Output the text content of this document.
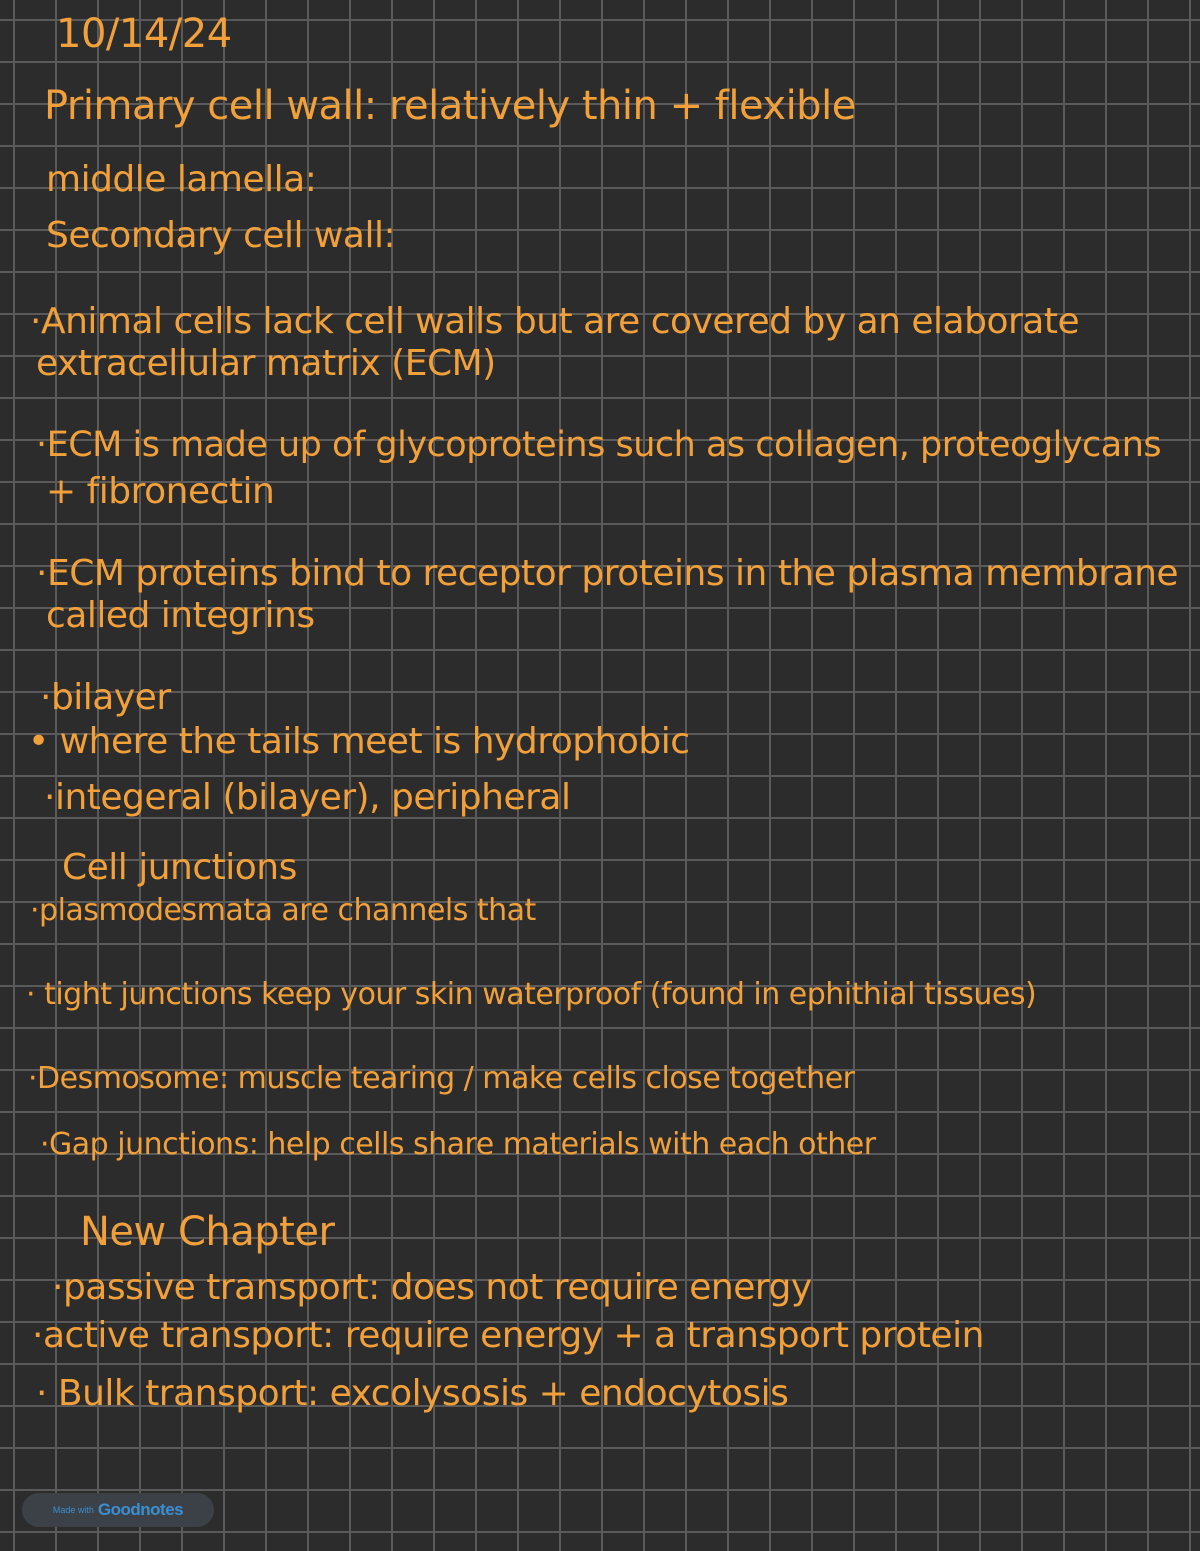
10/14/24
Primary cell wall: relatively thin + flexible
middle lamella:
Secondary cell wall:
·Animal cells lack cell walls but are covered by an elaborate
extracellular matrix (ECM)
·ECM is made up of glycoproteins such as collagen, proteoglycans
+ fibronectin
·ECM proteins bind to receptor proteins in the plasma membrane
called integrins
·bilayer
• where the tails meet is hydrophobic
·integeral (bilayer), peripheral
Cell junctions
·plasmodesmata are channels that
· tight junctions keep your skin waterproof (found in ephithial tissues)
·Desmosome: muscle tearing / make cells close together
·Gap junctions: help cells share materials with each other
New Chapter
·passive transport: does not require energy
·active transport: require energy + a transport protein
· Bulk transport: excolysosis + endocytosis
Made with Goodnotes
